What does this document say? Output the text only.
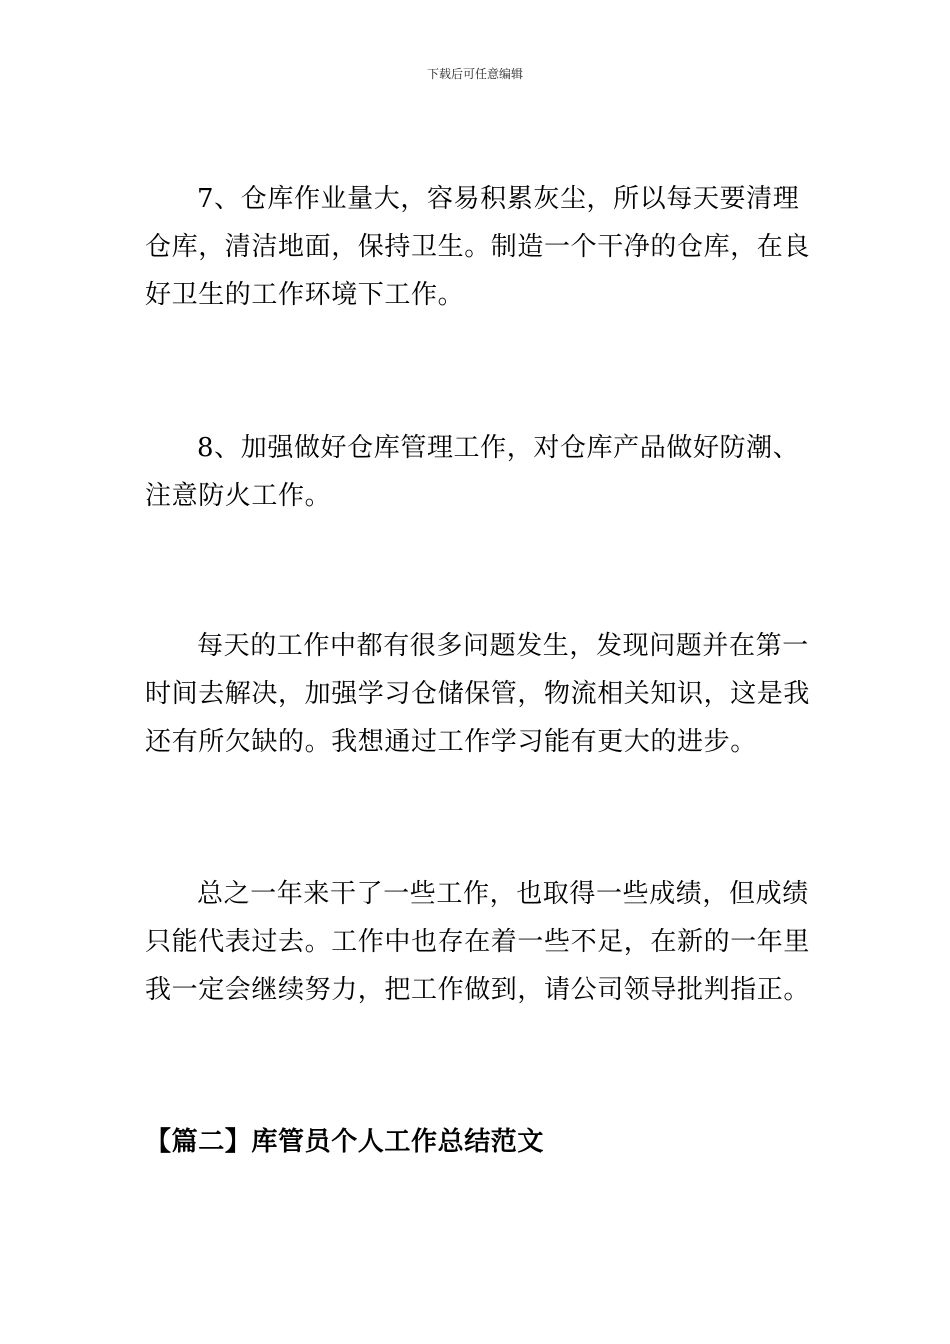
下载后可任意编辑

7、仓库作业量大，容易积累灰尘，所以每天要清理仓库，清洁地面，保持卫生。制造一个干净的仓库，在良好卫生的工作环境下工作。

8、加强做好仓库管理工作，对仓库产品做好防潮、注意防火工作。

每天的工作中都有很多问题发生，发现问题并在第一时间去解决，加强学习仓储保管，物流相关知识，这是我还有所欠缺的。我想通过工作学习能有更大的进步。

总之一年来干了一些工作，也取得一些成绩，但成绩只能代表过去。工作中也存在着一些不足，在新的一年里我一定会继续努力，把工作做到，请公司领导批判指正。

【篇二】库管员个人工作总结范文
